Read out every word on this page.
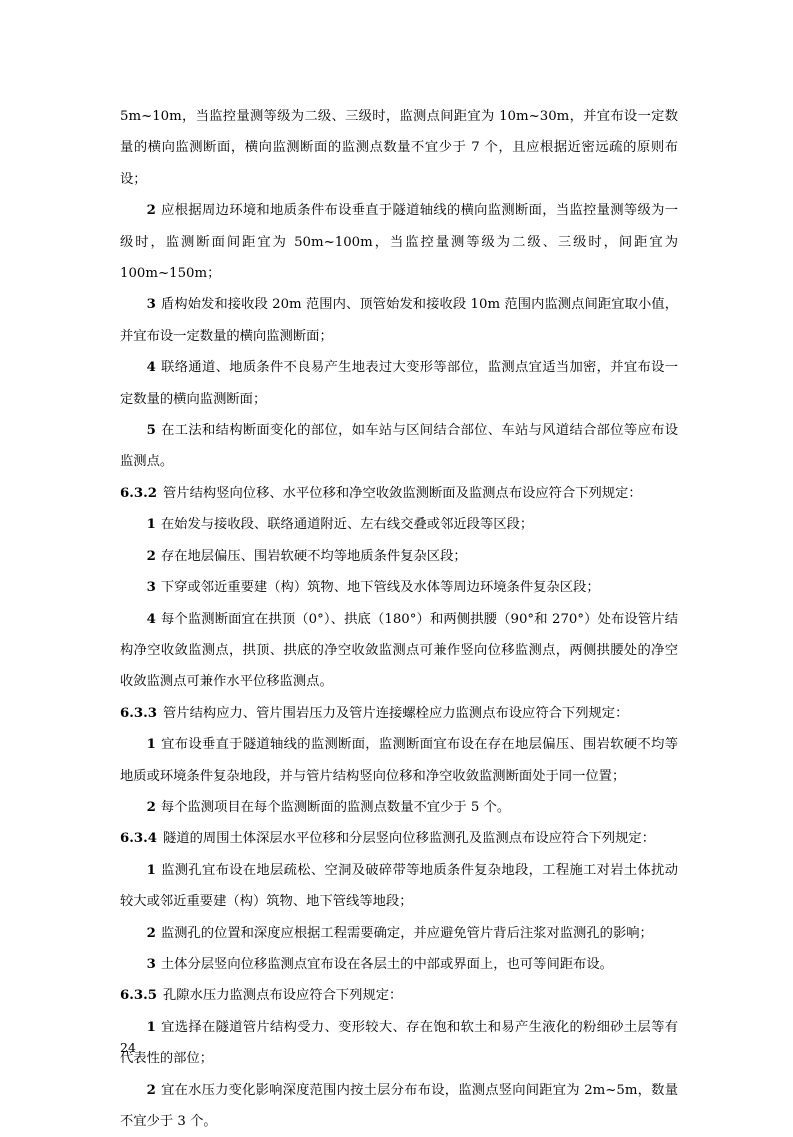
5m~10m，当监控量测等级为二级、三级时，监测点间距宜为 10m~30m，并宜布设一定数量的横向监测断面，横向监测断面的监测点数量不宜少于 7 个，且应根据近密远疏的原则布设；

2 应根据周边环境和地质条件布设垂直于隧道轴线的横向监测断面，当监控量测等级为一级时，监测断面间距宜为 50m~100m，当监控量测等级为二级、三级时，间距宜为 100m~150m；

3 盾构始发和接收段 20m 范围内、顶管始发和接收段 10m 范围内监测点间距宜取小值，并宜布设一定数量的横向监测断面；

4 联络通道、地质条件不良易产生地表过大变形等部位，监测点宜适当加密，并宜布设一定数量的横向监测断面；

5 在工法和结构断面变化的部位，如车站与区间结合部位、车站与风道结合部位等应布设监测点。

6.3.2 管片结构竖向位移、水平位移和净空收敛监测断面及监测点布设应符合下列规定：

1 在始发与接收段、联络通道附近、左右线交叠或邻近段等区段；

2 存在地层偏压、围岩软硬不均等地质条件复杂区段；

3 下穿或邻近重要建（构）筑物、地下管线及水体等周边环境条件复杂区段；

4 每个监测断面宜在拱顶（0°）、拱底（180°）和两侧拱腰（90°和 270°）处布设管片结构净空收敛监测点，拱顶、拱底的净空收敛监测点可兼作竖向位移监测点，两侧拱腰处的净空收敛监测点可兼作水平位移监测点。

6.3.3 管片结构应力、管片围岩压力及管片连接螺栓应力监测点布设应符合下列规定：

1 宜布设垂直于隧道轴线的监测断面，监测断面宜布设在存在地层偏压、围岩软硬不均等地质或环境条件复杂地段，并与管片结构竖向位移和净空收敛监测断面处于同一位置；

2 每个监测项目在每个监测断面的监测点数量不宜少于 5 个。

6.3.4 隧道的周围土体深层水平位移和分层竖向位移监测孔及监测点布设应符合下列规定：

1 监测孔宜布设在地层疏松、空洞及破碎带等地质条件复杂地段，工程施工对岩土体扰动较大或邻近重要建（构）筑物、地下管线等地段；

2 监测孔的位置和深度应根据工程需要确定，并应避免管片背后注浆对监测孔的影响；

3 土体分层竖向位移监测点宜布设在各层土的中部或界面上，也可等间距布设。

6.3.5 孔隙水压力监测点布设应符合下列规定：

1 宜选择在隧道管片结构受力、变形较大、存在饱和软土和易产生液化的粉细砂土层等有代表性的部位；

2 宜在水压力变化影响深度范围内按土层分布布设，监测点竖向间距宜为 2m~5m，数量不宜少于 3 个。

24
